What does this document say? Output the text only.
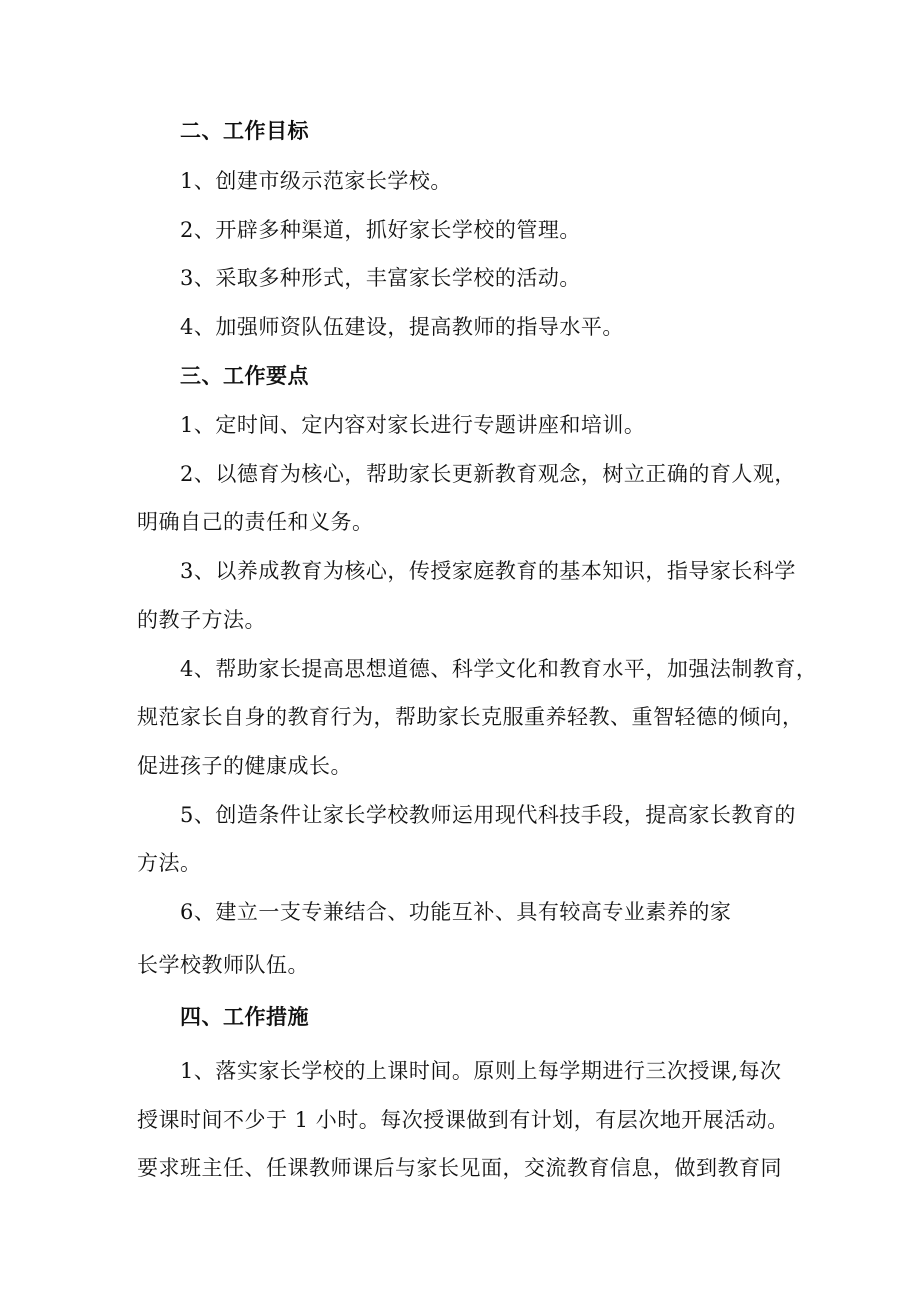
二、工作目标
1、创建市级示范家长学校。
2、开辟多种渠道，抓好家长学校的管理。
3、采取多种形式，丰富家长学校的活动。
4、加强师资队伍建设，提高教师的指导水平。
三、工作要点
1、定时间、定内容对家长进行专题讲座和培训。
2、以德育为核心，帮助家长更新教育观念，树立正确的育人观，
明确自己的责任和义务。
3、以养成教育为核心，传授家庭教育的基本知识，指导家长科学
的教子方法。
4、帮助家长提高思想道德、科学文化和教育水平，加强法制教育，
规范家长自身的教育行为，帮助家长克服重养轻教、重智轻德的倾向，
促进孩子的健康成长。
5、创造条件让家长学校教师运用现代科技手段，提高家长教育的
方法。
6、建立一支专兼结合、功能互补、具有较高专业素养的家
长学校教师队伍。
四、工作措施
1、落实家长学校的上课时间。原则上每学期进行三次授课,每次
授课时间不少于 1 小时。每次授课做到有计划，有层次地开展活动。
要求班主任、任课教师课后与家长见面，交流教育信息，做到教育同
